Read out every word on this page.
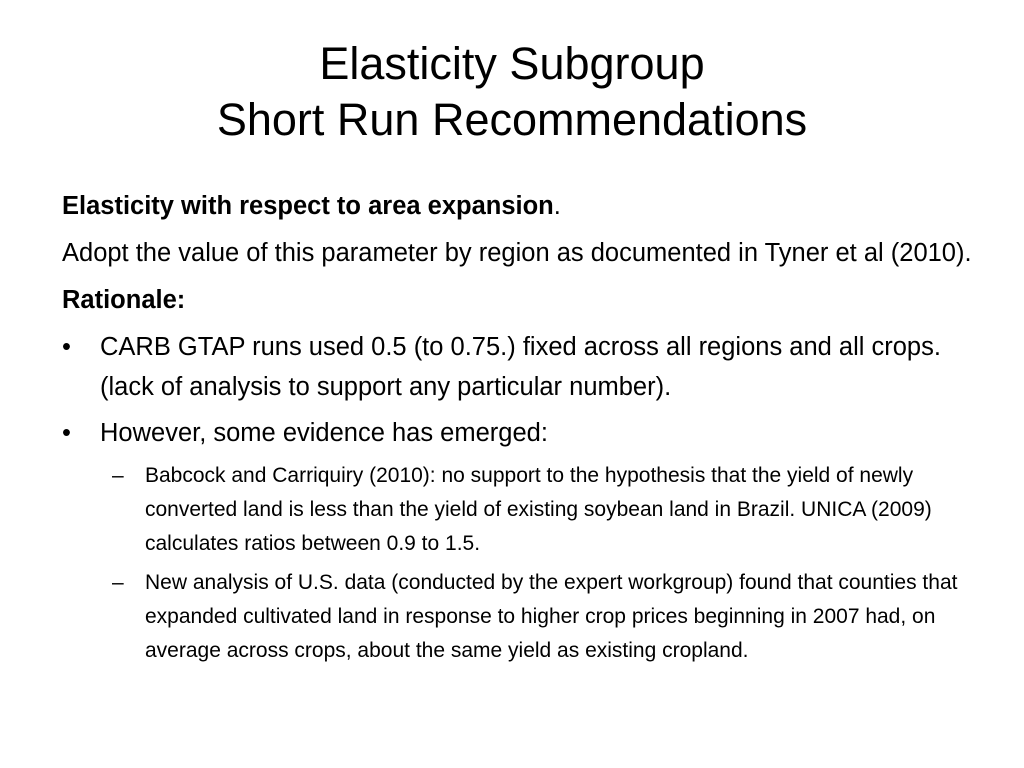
Elasticity Subgroup
Short Run Recommendations

Elasticity with respect to area expansion.

Adopt the value of this parameter by region as documented in Tyner et al (2010).

Rationale:

•	CARB GTAP runs used 0.5 (to 0.75.) fixed across all regions and all crops. (lack of analysis to support any particular number).
•	However, some evidence has emerged:
– Babcock and Carriquiry (2010): no support to the hypothesis that the yield of newly converted land is less than the yield of existing soybean land in Brazil. UNICA (2009) calculates ratios between 0.9 to 1.5.
– New analysis of U.S. data (conducted by the expert workgroup) found that counties that expanded cultivated land in response to higher crop prices beginning in 2007 had, on average across crops, about the same yield as existing cropland.
